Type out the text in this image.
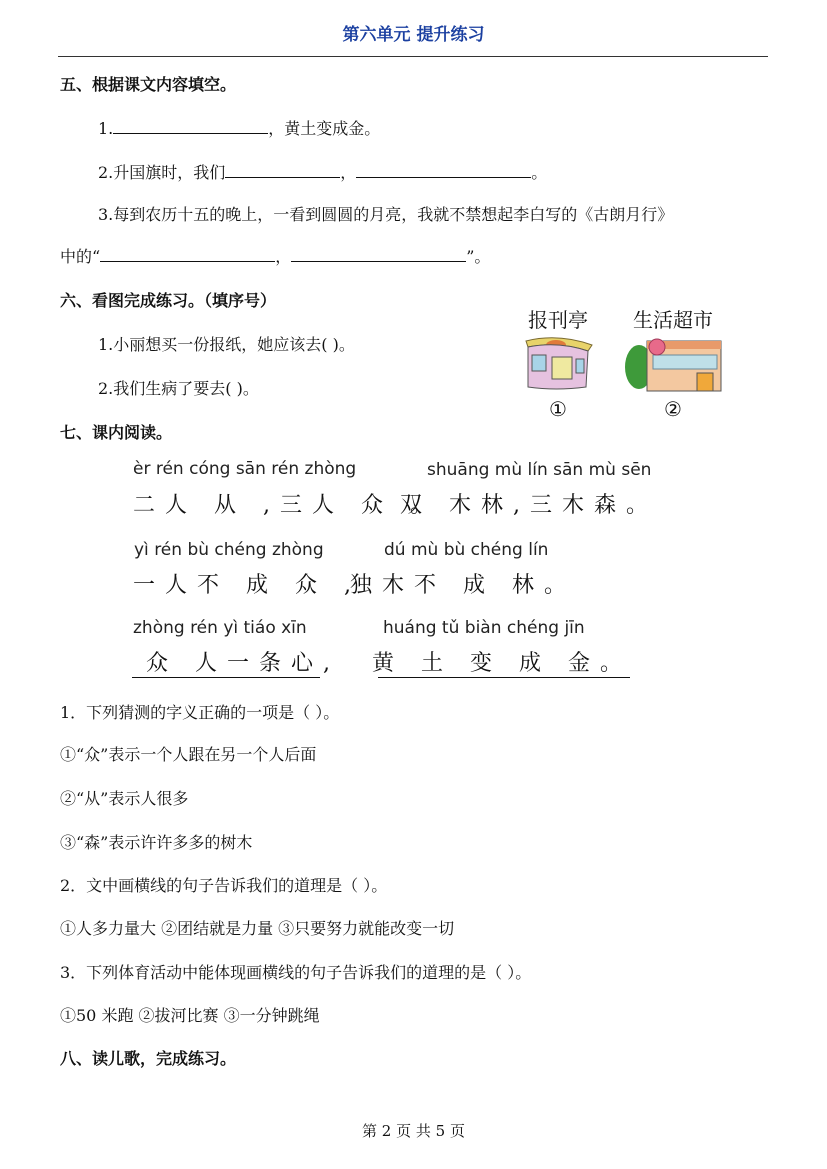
第六单元 提升练习
五、根据课文内容填空。
1.	，黄土变成金。
2.升国旗时，我们	，	。
3.每到农历十五的晚上，一看到圆圆的月亮，我就不禁想起李白写的《古朗月行》
中的“	，	”。
六、看图完成练习。（填序号）
1.小丽想买一份报纸，她应该去( )。
2.我们生病了要去( )。
报刊亭
①
生活超市
②
七、课内阅读。
èr rén cóng sān rén zhòng	shuāng mù lín sān mù sēn
二人 从 ,三人 众 。
双 木林,三木森。
yì rén bù chéng zhòng	dú mù bù chéng lín
一人不 成 众 ,
独木不 成 林。
zhòng rén yì tiáo xīn	huáng tǔ biàn chéng jīn
众 人一条心, 黄 土 变 成 金。
1．下列猜测的字义正确的一项是（ ）。
①“众”表示一个人跟在另一个人后面
②“从”表示人很多
③“森”表示许许多多的树木
2．文中画横线的句子告诉我们的道理是（ ）。
①人多力量大 ②团结就是力量 ③只要努力就能改变一切
3．下列体育活动中能体现画横线的句子告诉我们的道理的是（ ）。
①50 米跑 ②拔河比赛 ③一分钟跳绳
八、读儿歌，完成练习。
第 2 页 共 5 页
